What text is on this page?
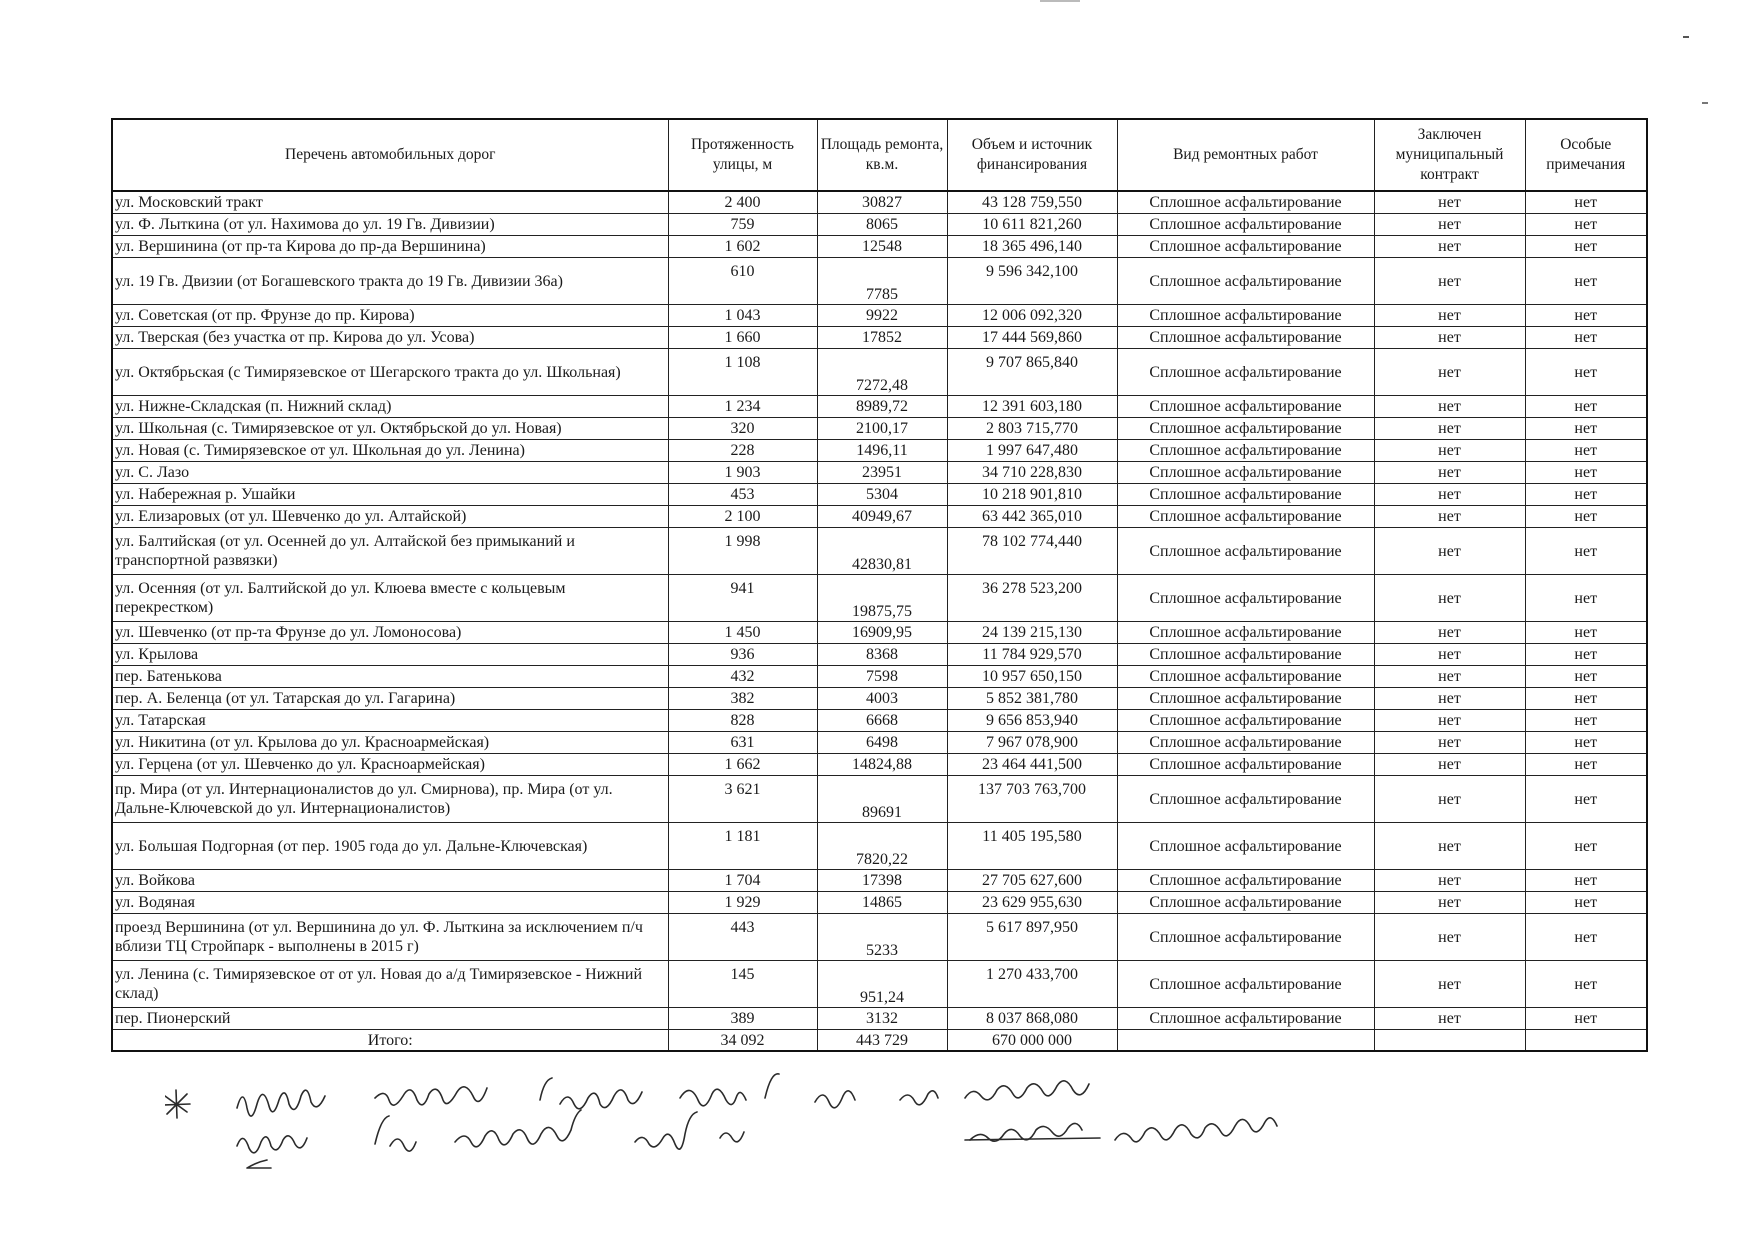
Перечень автомобильных дорог	Протяженность улицы, м	Площадь ремонта, кв.м.	Объем и источник финансирования	Вид ремонтных работ	Заключен муниципальный контракт	Особые примечания
ул. Московский тракт	2 400	30827	43 128 759,550	Сплошное асфальтирование	нет	нет
ул. Ф. Лыткина (от ул. Нахимова до ул. 19 Гв. Дивизии)	759	8065	10 611 821,260	Сплошное асфальтирование	нет	нет
ул. Вершинина (от пр-та Кирова до пр-да Вершинина)	1 602	12548	18 365 496,140	Сплошное асфальтирование	нет	нет
ул. 19 Гв. Двизии (от Богашевского тракта до 19 Гв. Дивизии 36а)	610	7785	9 596 342,100	Сплошное асфальтирование	нет	нет
ул. Советская (от пр. Фрунзе до пр. Кирова)	1 043	9922	12 006 092,320	Сплошное асфальтирование	нет	нет
ул. Тверская (без участка от пр. Кирова до ул. Усова)	1 660	17852	17 444 569,860	Сплошное асфальтирование	нет	нет
ул. Октябрьская (с Тимирязевское от Шегарского тракта до ул. Школьная)	1 108	7272,48	9 707 865,840	Сплошное асфальтирование	нет	нет
ул. Нижне-Складская (п. Нижний склад)	1 234	8989,72	12 391 603,180	Сплошное асфальтирование	нет	нет
ул. Школьная (с. Тимирязевское от ул. Октябрьской до ул. Новая)	320	2100,17	2 803 715,770	Сплошное асфальтирование	нет	нет
ул. Новая (с. Тимирязевское от ул. Школьная до ул. Ленина)	228	1496,11	1 997 647,480	Сплошное асфальтирование	нет	нет
ул. С. Лазо	1 903	23951	34 710 228,830	Сплошное асфальтирование	нет	нет
ул. Набережная р. Ушайки	453	5304	10 218 901,810	Сплошное асфальтирование	нет	нет
ул. Елизаровых (от ул. Шевченко до ул. Алтайской)	2 100	40949,67	63 442 365,010	Сплошное асфальтирование	нет	нет
ул. Балтийская (от ул. Осенней до ул. Алтайской без примыканий и транспортной развязки)	1 998	42830,81	78 102 774,440	Сплошное асфальтирование	нет	нет
ул. Осенняя (от ул. Балтийской до ул. Клюева вместе с кольцевым перекрестком)	941	19875,75	36 278 523,200	Сплошное асфальтирование	нет	нет
ул. Шевченко (от пр-та Фрунзе до ул. Ломоносова)	1 450	16909,95	24 139 215,130	Сплошное асфальтирование	нет	нет
ул. Крылова	936	8368	11 784 929,570	Сплошное асфальтирование	нет	нет
пер. Батенькова	432	7598	10 957 650,150	Сплошное асфальтирование	нет	нет
пер. А. Беленца (от ул. Татарская до ул. Гагарина)	382	4003	5 852 381,780	Сплошное асфальтирование	нет	нет
ул. Татарская	828	6668	9 656 853,940	Сплошное асфальтирование	нет	нет
ул. Никитина (от ул. Крылова до ул. Красноармейская)	631	6498	7 967 078,900	Сплошное асфальтирование	нет	нет
ул. Герцена (от ул. Шевченко до ул. Красноармейская)	1 662	14824,88	23 464 441,500	Сплошное асфальтирование	нет	нет
пр. Мира (от ул. Интернационалистов до ул. Смирнова), пр. Мира (от ул. Дальне-Ключевской до ул. Интернационалистов)	3 621	89691	137 703 763,700	Сплошное асфальтирование	нет	нет
ул. Большая Подгорная (от пер. 1905 года до ул. Дальне-Ключевская)	1 181	7820,22	11 405 195,580	Сплошное асфальтирование	нет	нет
ул. Войкова	1 704	17398	27 705 627,600	Сплошное асфальтирование	нет	нет
ул. Водяная	1 929	14865	23 629 955,630	Сплошное асфальтирование	нет	нет
проезд Вершинина (от ул. Вершинина до ул. Ф. Лыткина за исключением п/ч вблизи ТЦ Стройпарк - выполнены в 2015 г)	443	5233	5 617 897,950	Сплошное асфальтирование	нет	нет
ул. Ленина (с. Тимирязевское от от ул. Новая до а/д Тимирязевское - Нижний склад)	145	951,24	1 270 433,700	Сплошное асфальтирование	нет	нет
пер. Пионерский	389	3132	8 037 868,080	Сплошное асфальтирование	нет	нет
Итого:	34 092	443 729	670 000 000			
